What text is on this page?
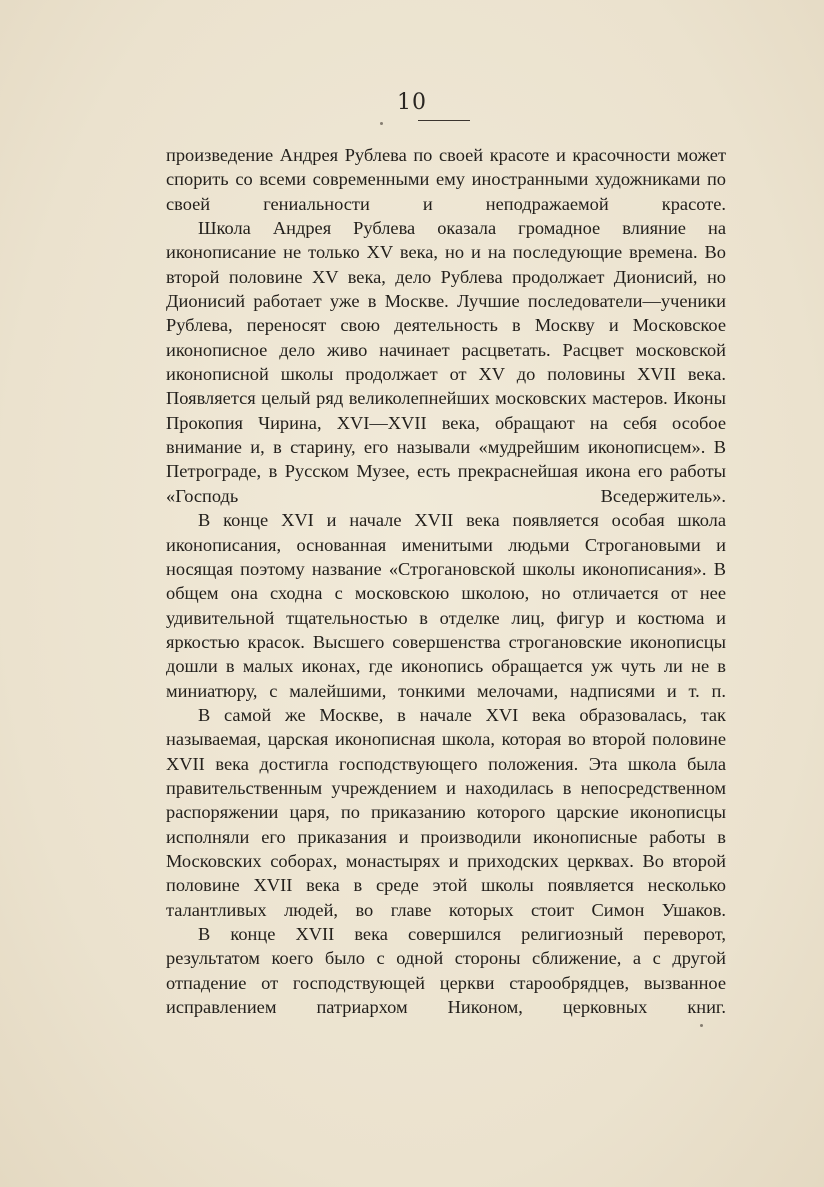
10

произведение Андрея Рублева по своей красоте и красочности может спорить со всеми современными ему иностранными художниками по своей гениальности и неподражаемой красоте.

Школа Андрея Рублева оказала громадное влияние на иконописание не только XV века, но и на последующие времена. Во второй половине XV века, дело Рублева продолжает Дионисий, но Дионисий работает уже в Москве. Лучшие последователи—ученики Рублева, переносят свою деятельность в Москву и Московское иконописное дело живо начинает расцветать. Расцвет московской иконописной школы продолжает от XV до половины XVII века. Появляется целый ряд великолепнейших московских мастеров. Иконы Прокопия Чирина, XVI—XVII века, обращают на себя особое внимание и, в старину, его называли «мудрейшим иконописцем». В Петрограде, в Русском Музее, есть прекраснейшая икона его работы «Господь Вседержитель».

В конце XVI и начале XVII века появляется особая школа иконописания, основанная именитыми людьми Строгановыми и носящая поэтому название «Строгановской школы иконописания». В общем она сходна с московскою школою, но отличается от нее удивительной тщательностью в отделке лиц, фигур и костюма и яркостью красок. Высшего совершенства строгановские иконописцы дошли в малых иконах, где иконопись обращается уж чуть ли не в миниатюру, с малейшими, тонкими мелочами, надписями и т. п.

В самой же Москве, в начале XVI века образовалась, так называемая, царская иконописная школа, которая во второй половине XVII века достигла господствующего положения. Эта школа была правительственным учреждением и находилась в непосредственном распоряжении царя, по приказанию которого царские иконописцы исполняли его приказания и производили иконописные работы в Московских соборах, монастырях и приходских церквах. Во второй половине XVII века в среде этой школы появляется несколько талантливых людей, во главе которых стоит Симон Ушаков.

В конце XVII века совершился религиозный переворот, результатом коего было с одной стороны сближение, а с другой отпадение от господствующей церкви старообрядцев, вызванное исправлением патриархом Никоном, церковных книг.
